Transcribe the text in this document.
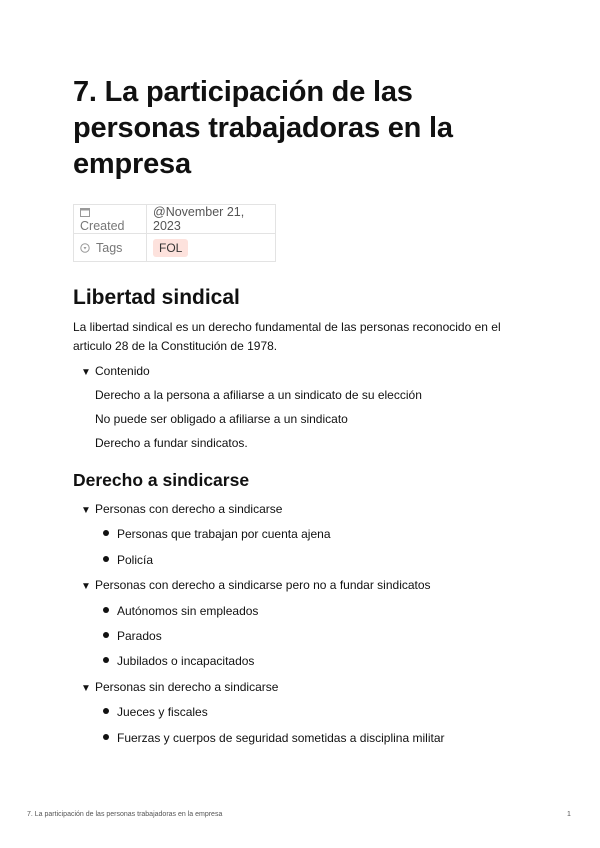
7. La participación de las personas trabajadoras en la empresa
Created	@November 21, 2023
Tags	FOL
Libertad sindical

La libertad sindical es un derecho fundamental de las personas reconocido en el articulo 28 de la Constitución de 1978.

▼ Contenido
Derecho a la persona a afiliarse a un sindicato de su elección
No puede ser obligado a afiliarse a un sindicato
Derecho a fundar sindicatos.
Derecho a sindicarse
▼ Personas con derecho a sindicarse
Personas que trabajan por cuenta ajena
Policía
▼ Personas con derecho a sindicarse pero no a fundar sindicatos
Autónomos sin empleados
Parados
Jubilados o incapacitados
▼ Personas sin derecho a sindicarse
Jueces y fiscales
Fuerzas y cuerpos de seguridad sometidas a disciplina militar
7. La participación de las personas trabajadoras en la empresa	1
